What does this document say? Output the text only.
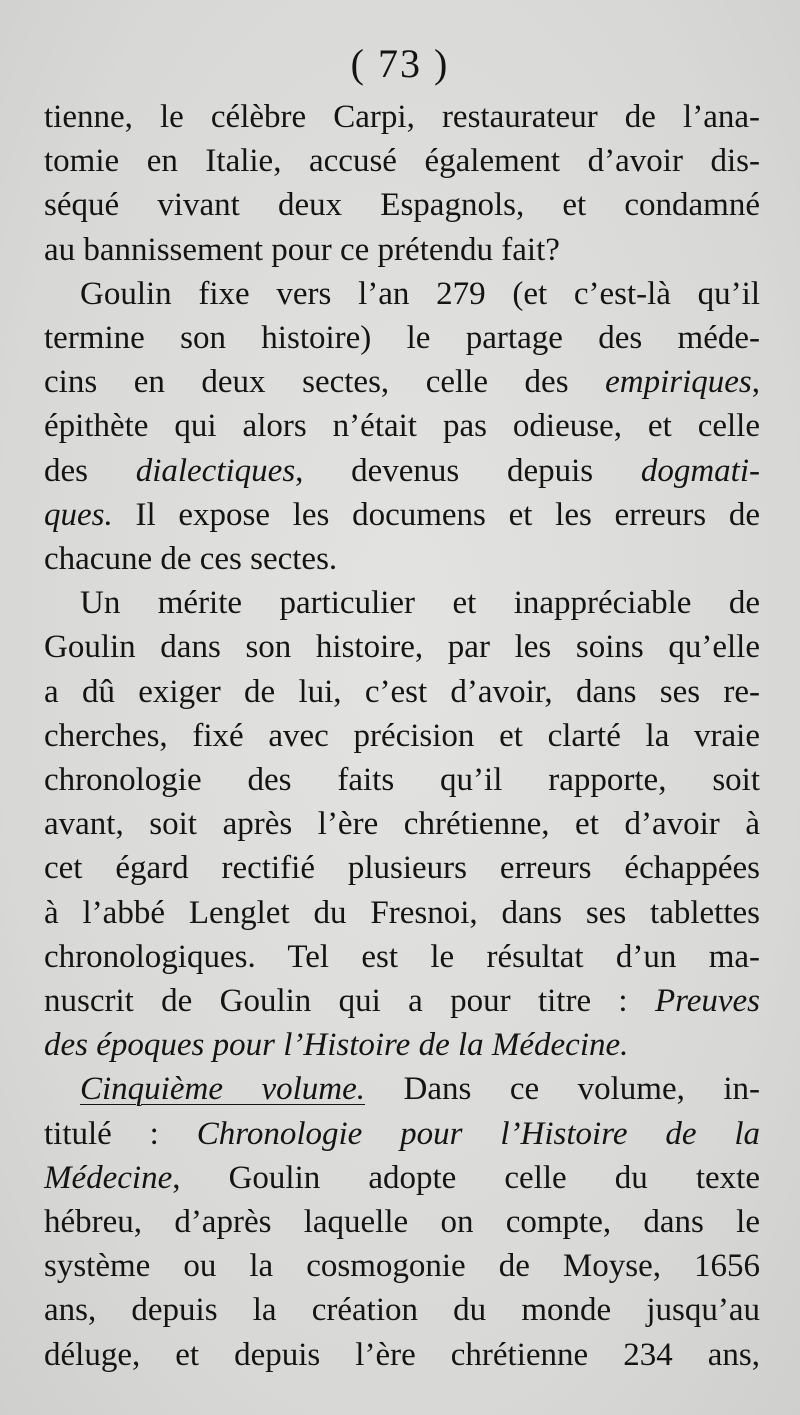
( 73 )
tienne, le célèbre Carpi, restaurateur de l’ana-
tomie en Italie, accusé également d’avoir dis-
séqué vivant deux Espagnols, et condamné
au bannissement pour ce prétendu fait?
Goulin fixe vers l’an 279 (et c’est-là qu’il
termine son histoire) le partage des méde-
cins en deux sectes, celle des empiriques,
épithète qui alors n’était pas odieuse, et celle
des dialectiques, devenus depuis dogmati-
ques. Il expose les documens et les erreurs de
chacune de ces sectes.
Un mérite particulier et inappréciable de
Goulin dans son histoire, par les soins qu’elle
a dû exiger de lui, c’est d’avoir, dans ses re-
cherches, fixé avec précision et clarté la vraie
chronologie des faits qu’il rapporte, soit
avant, soit après l’ère chrétienne, et d’avoir à
cet égard rectifié plusieurs erreurs échappées
à l’abbé Lenglet du Fresnoi, dans ses tablettes
chronologiques. Tel est le résultat d’un ma-
nuscrit de Goulin qui a pour titre : Preuves
des époques pour l’Histoire de la Médecine.
Cinquième volume. Dans ce volume, in-
titulé : Chronologie pour l’Histoire de la
Médecine, Goulin adopte celle du texte
hébreu, d’après laquelle on compte, dans le
système ou la cosmogonie de Moyse, 1656
ans, depuis la création du monde jusqu’au
déluge, et depuis l’ère chrétienne 234 ans,
